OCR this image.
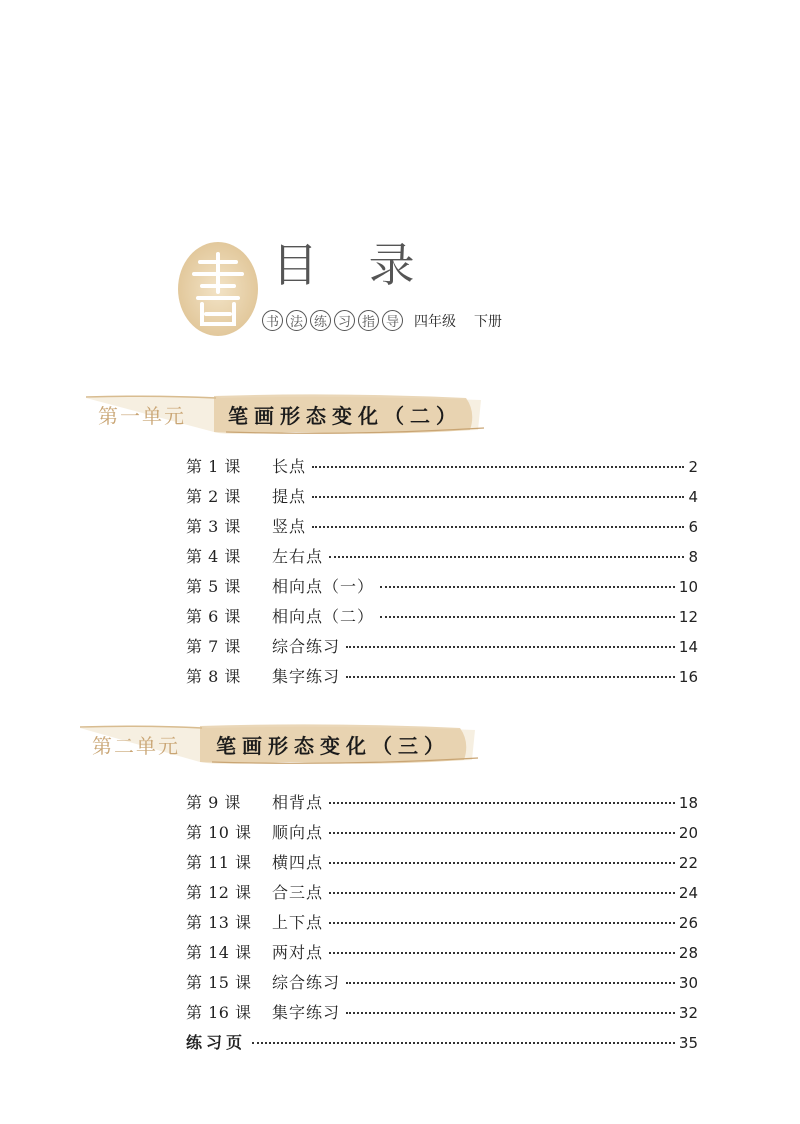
目 录
书 法 练 习 指 导 四年级 下册
第一单元 笔画形态变化（二）
第 1 课	长点	2
第 2 课	提点	4
第 3 课	竖点	6
第 4 课	左右点	8
第 5 课	相向点（一）	10
第 6 课	相向点（二）	12
第 7 课	综合练习	14
第 8 课	集字练习	16
第二单元 笔画形态变化（三）
第 9 课	相背点	18
第 10 课	顺向点	20
第 11 课	横四点	22
第 12 课	合三点	24
第 13 课	上下点	26
第 14 课	两对点	28
第 15 课	综合练习	30
第 16 课	集字练习	32
练习页	35
